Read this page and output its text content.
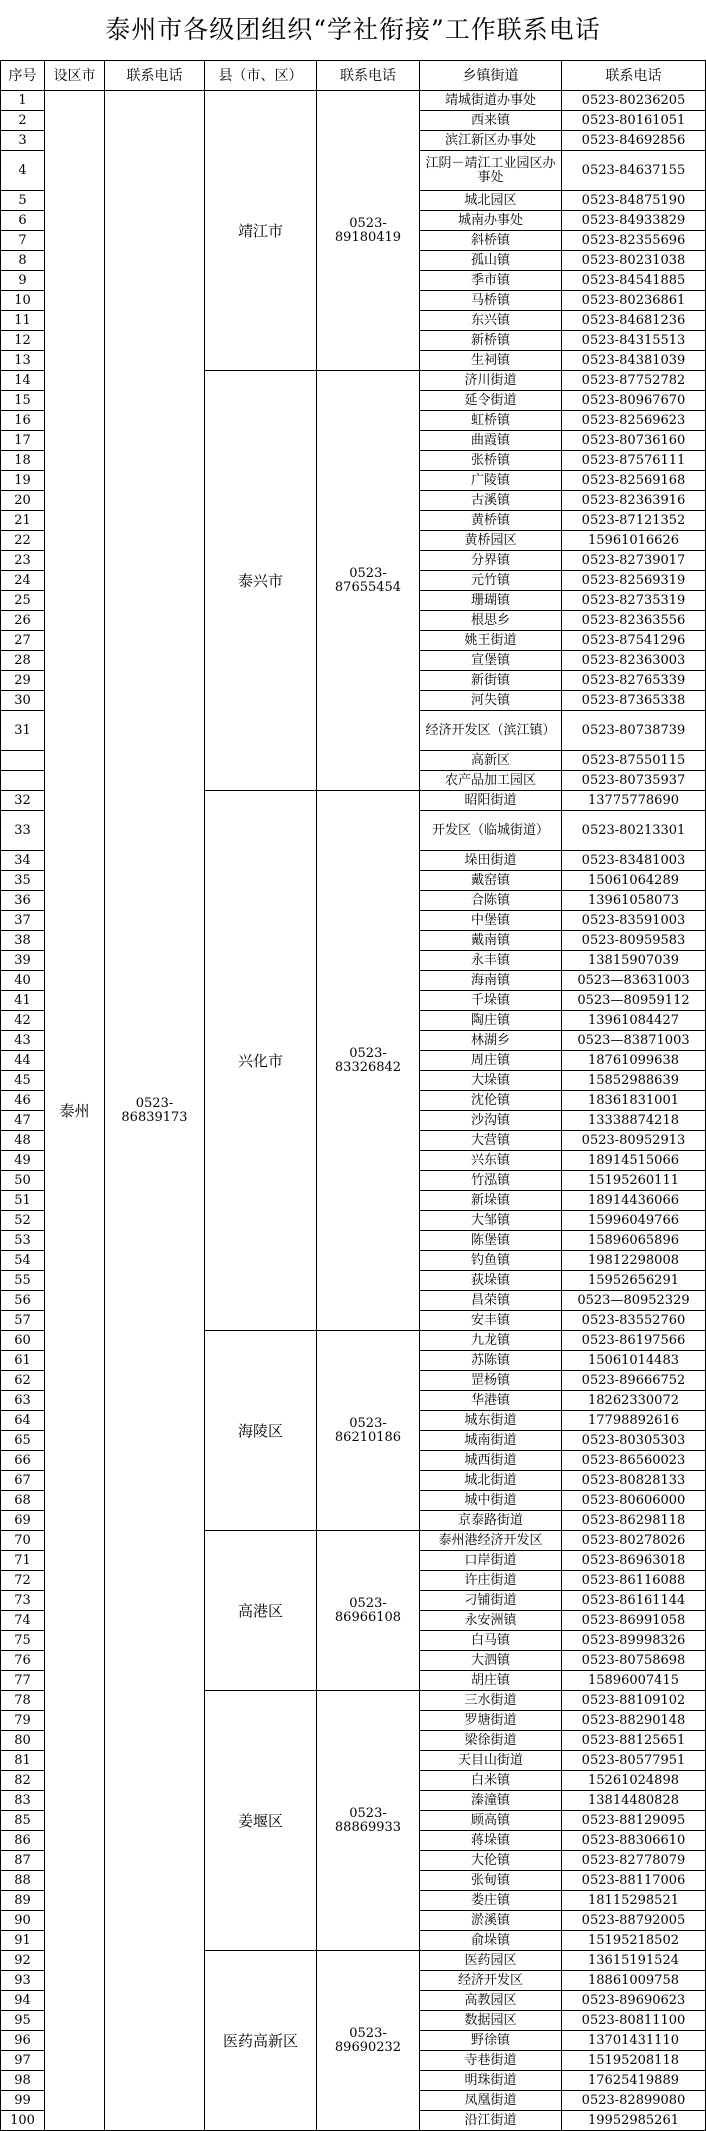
泰州市各级团组织“学社衔接”工作联系电话
序号	设区市	联系电话	县（市、区）	联系电话	乡镇街道	联系电话
1	泰州	0523-86839173	靖江市	0523-89180419	靖城街道办事处	0523-80236205
2					西来镇	0523-80161051
3					滨江新区办事处	0523-84692856
4					江阴－靖江工业园区办事处	0523-84637155
5					城北园区	0523-84875190
6					城南办事处	0523-84933829
7					斜桥镇	0523-82355696
8					孤山镇	0523-80231038
9					季市镇	0523-84541885
10					马桥镇	0523-80236861
11					东兴镇	0523-84681236
12					新桥镇	0523-84315513
13					生祠镇	0523-84381039
14			泰兴市	0523-87655454	济川街道	0523-87752782
15					延令街道	0523-80967670
16					虹桥镇	0523-82569623
17					曲霞镇	0523-80736160
18					张桥镇	0523-87576111
19					广陵镇	0523-82569168
20					古溪镇	0523-82363916
21					黄桥镇	0523-87121352
22					黄桥园区	15961016626
23					分界镇	0523-82739017
24					元竹镇	0523-82569319
25					珊瑚镇	0523-82735319
26					根思乡	0523-82363556
27					姚王街道	0523-87541296
28					宣堡镇	0523-82363003
29					新街镇	0523-82765339
30					河失镇	0523-87365338
31					经济开发区（滨江镇）	0523-80738739
					高新区	0523-87550115
					农产品加工园区	0523-80735937
32			兴化市	0523-83326842	昭阳街道	13775778690
33					开发区（临城街道）	0523-80213301
34					垛田街道	0523-83481003
35					戴窑镇	15061064289
36					合陈镇	13961058073
37					中堡镇	0523-83591003
38					戴南镇	0523-80959583
39					永丰镇	13815907039
40					海南镇	0523—83631003
41					千垛镇	0523—80959112
42					陶庄镇	13961084427
43					林湖乡	0523—83871003
44					周庄镇	18761099638
45					大垛镇	15852988639
46					沈伦镇	18361831001
47					沙沟镇	13338874218
48					大营镇	0523-80952913
49					兴东镇	18914515066
50					竹泓镇	15195260111
51					新垛镇	18914436066
52					大邹镇	15996049766
53					陈堡镇	15896065896
54					钓鱼镇	19812298008
55					荻垛镇	15952656291
56					昌荣镇	0523—80952329
57					安丰镇	0523-83552760
60			海陵区	0523-86210186	九龙镇	0523-86197566
61					苏陈镇	15061014483
62					罡杨镇	0523-89666752
63					华港镇	18262330072
64					城东街道	17798892616
65					城南街道	0523-80305303
66					城西街道	0523-86560023
67					城北街道	0523-80828133
68					城中街道	0523-80606000
69					京泰路街道	0523-86298118
70			高港区	0523-86966108	泰州港经济开发区	0523-80278026
71					口岸街道	0523-86963018
72					许庄街道	0523-86116088
73					刁铺街道	0523-86161144
74					永安洲镇	0523-86991058
75					白马镇	0523-89998326
76					大泗镇	0523-80758698
77					胡庄镇	15896007415
78			姜堰区	0523-88869933	三水街道	0523-88109102
79					罗塘街道	0523-88290148
80					梁徐街道	0523-88125651
81					天目山街道	0523-80577951
82					白米镇	15261024898
83					溱潼镇	13814480828
85					顾高镇	0523-88129095
86					蒋垛镇	0523-88306610
87					大伦镇	0523-82778079
88					张甸镇	0523-88117006
89					娄庄镇	18115298521
90					淤溪镇	0523-88792005
91					俞垛镇	15195218502
92			医药高新区	0523-89690232	医药园区	13615191524
93					经济开发区	18861009758
94					高教园区	0523-89690623
95					数据园区	0523-80811100
96					野徐镇	13701431110
97					寺巷街道	15195208118
98					明珠街道	17625419889
99					凤凰街道	0523-82899080
100					沿江街道	19952985261
